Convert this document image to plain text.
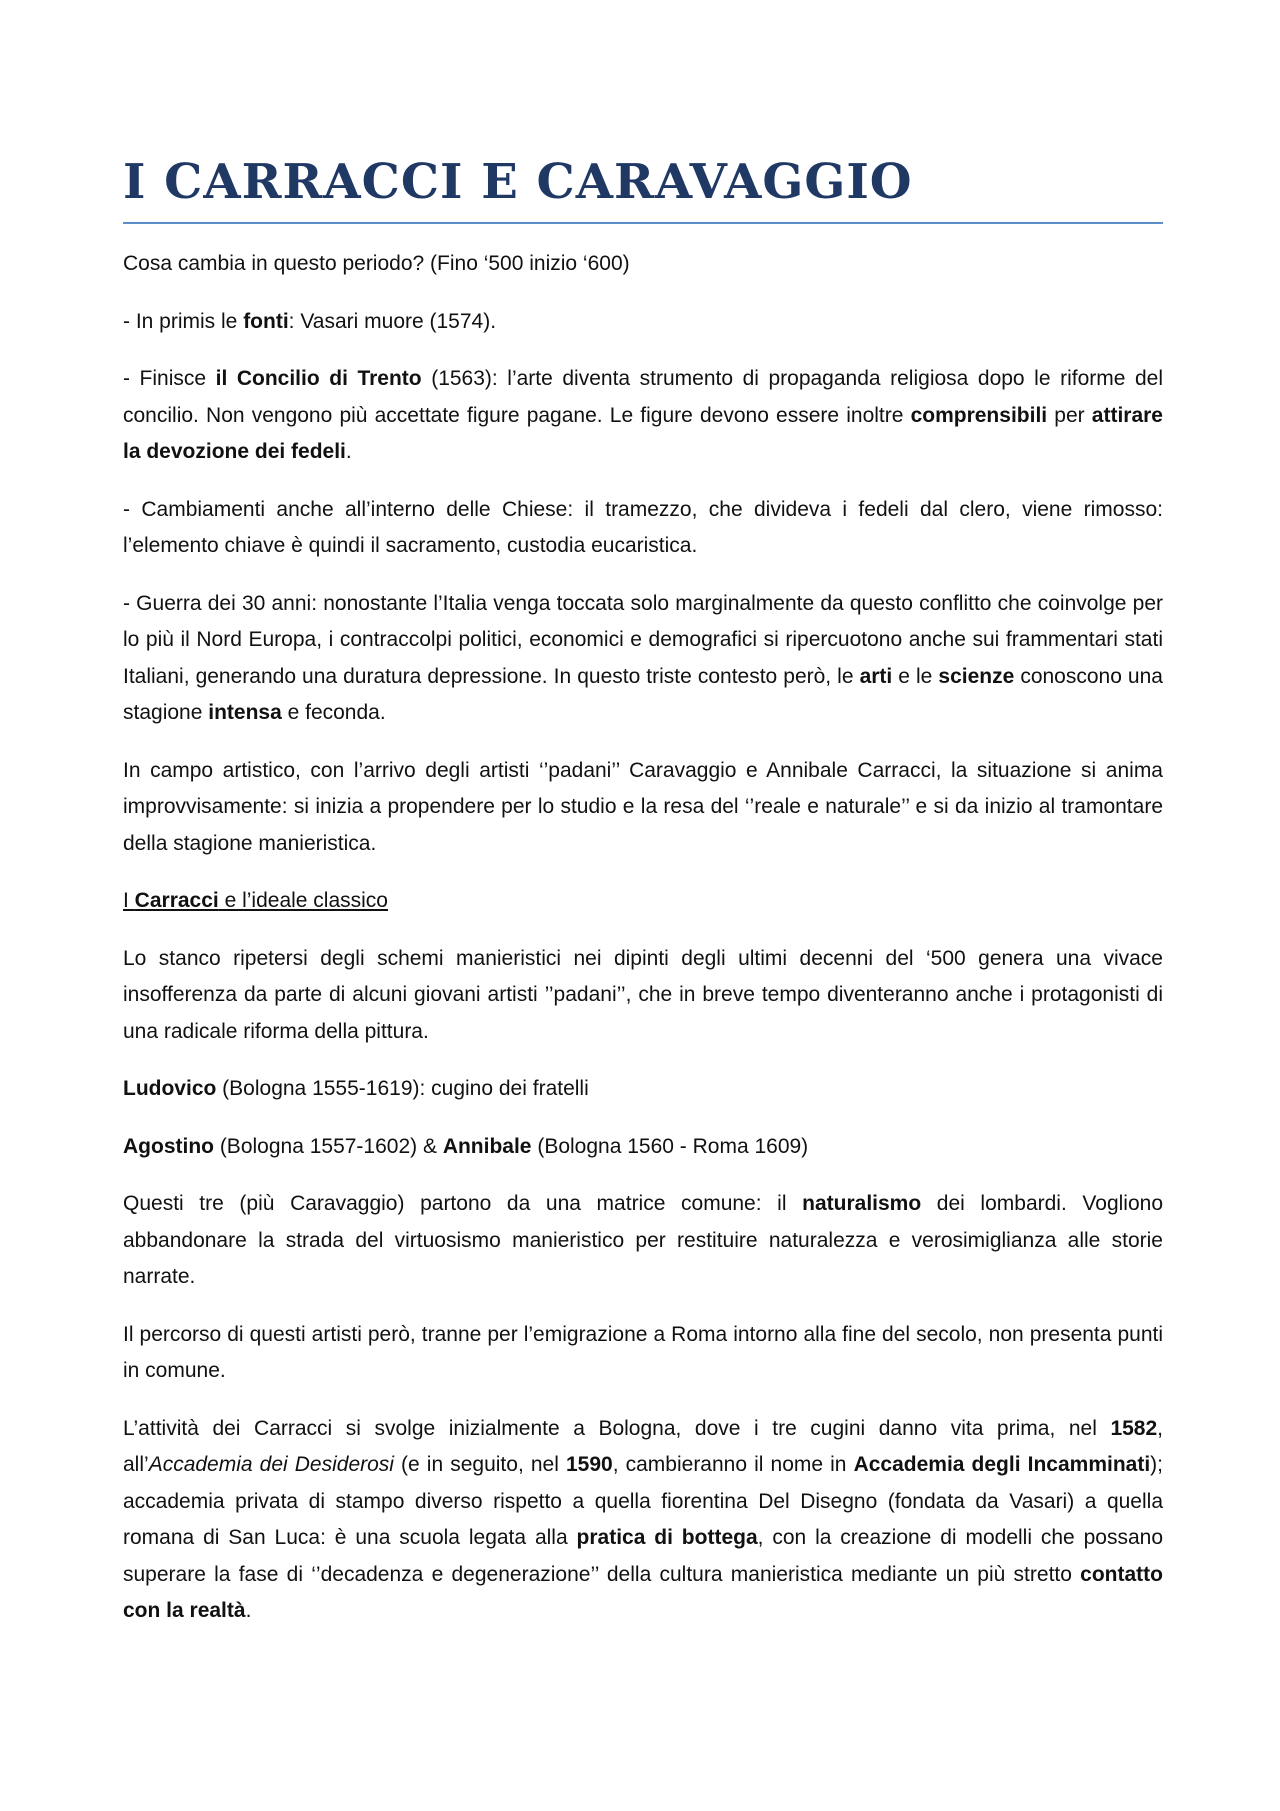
I CARRACCI E CARAVAGGIO

Cosa cambia in questo periodo? (Fino ‘500 inizio ‘600)

- In primis le fonti: Vasari muore (1574).

- Finisce il Concilio di Trento (1563): l’arte diventa strumento di propaganda religiosa dopo le riforme del concilio. Non vengono più accettate figure pagane. Le figure devono essere inoltre comprensibili per attirare la devozione dei fedeli.

- Cambiamenti anche all’interno delle Chiese: il tramezzo, che divideva i fedeli dal clero, viene rimosso: l’elemento chiave è quindi il sacramento, custodia eucaristica.

- Guerra dei 30 anni: nonostante l’Italia venga toccata solo marginalmente da questo conflitto che coinvolge per lo più il Nord Europa, i contraccolpi politici, economici e demografici si ripercuotono anche sui frammentari stati Italiani, generando una duratura depressione. In questo triste contesto però, le arti e le scienze conoscono una stagione intensa e feconda.

In campo artistico, con l’arrivo degli artisti ‘’padani’’ Caravaggio e Annibale Carracci, la situazione si anima improvvisamente: si inizia a propendere per lo studio e la resa del ‘’reale e naturale’’ e si da inizio al tramontare della stagione manieristica.

I Carracci e l’ideale classico

Lo stanco ripetersi degli schemi manieristici nei dipinti degli ultimi decenni del ‘500 genera una vivace insofferenza da parte di alcuni giovani artisti ’’padani’’, che in breve tempo diventeranno anche i protagonisti di una radicale riforma della pittura.

Ludovico (Bologna 1555-1619): cugino dei fratelli

Agostino (Bologna 1557-1602) & Annibale (Bologna 1560 - Roma 1609)

Questi tre (più Caravaggio) partono da una matrice comune: il naturalismo dei lombardi. Vogliono abbandonare la strada del virtuosismo manieristico per restituire naturalezza e verosimiglianza alle storie narrate.

Il percorso di questi artisti però, tranne per l’emigrazione a Roma intorno alla fine del secolo, non presenta punti in comune.

L’attività dei Carracci si svolge inizialmente a Bologna, dove i tre cugini danno vita prima, nel 1582, all’Accademia dei Desiderosi (e in seguito, nel 1590, cambieranno il nome in Accademia degli Incamminati); accademia privata di stampo diverso rispetto a quella fiorentina Del Disegno (fondata da Vasari) a quella romana di San Luca: è una scuola legata alla pratica di bottega, con la creazione di modelli che possano superare la fase di ‘’decadenza e degenerazione’’ della cultura manieristica mediante un più stretto contatto con la realtà.
